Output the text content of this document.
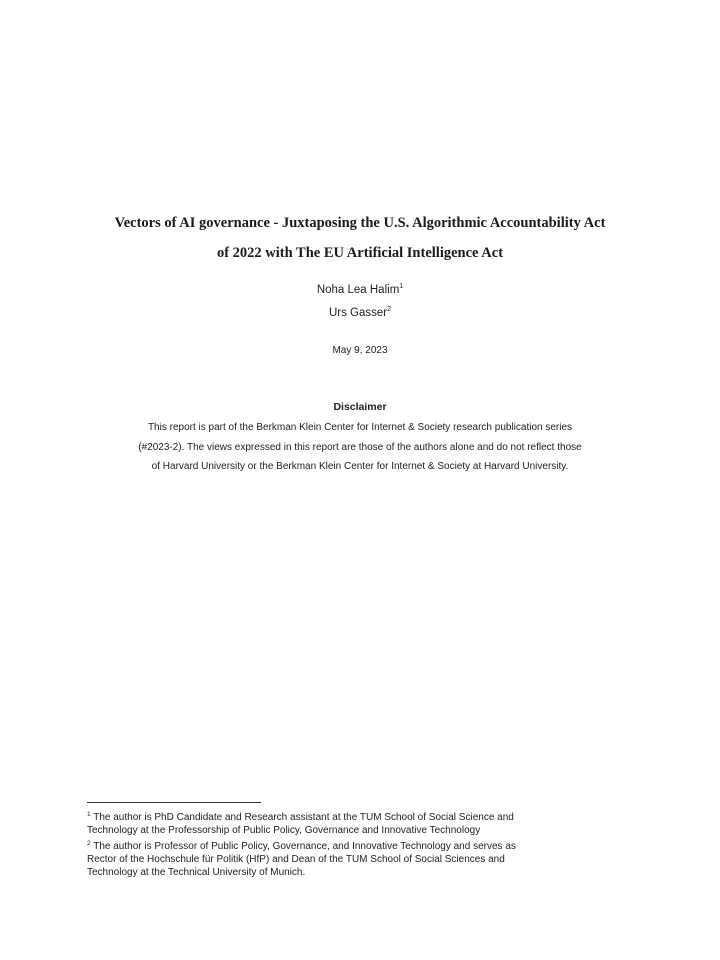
Vectors of AI governance - Juxtaposing the U.S. Algorithmic Accountability Act
of 2022 with The EU Artificial Intelligence Act
Noha Lea Halim$^1$
Urs Gasser$^2$
May 9, 2023
Disclaimer
This report is part of the Berkman Klein Center for Internet & Society research publication series
(#2023-2). The views expressed in this report are those of the authors alone and do not reflect those
of Harvard University or the Berkman Klein Center for Internet & Society at Harvard University.
$^1$ The author is PhD Candidate and Research assistant at the TUM School of Social Science and
Technology at the Professorship of Public Policy, Governance and Innovative Technology
$^2$ The author is Professor of Public Policy, Governance, and Innovative Technology and serves as
Rector of the Hochschule für Politik (HfP) and Dean of the TUM School of Social Sciences and
Technology at the Technical University of Munich.
